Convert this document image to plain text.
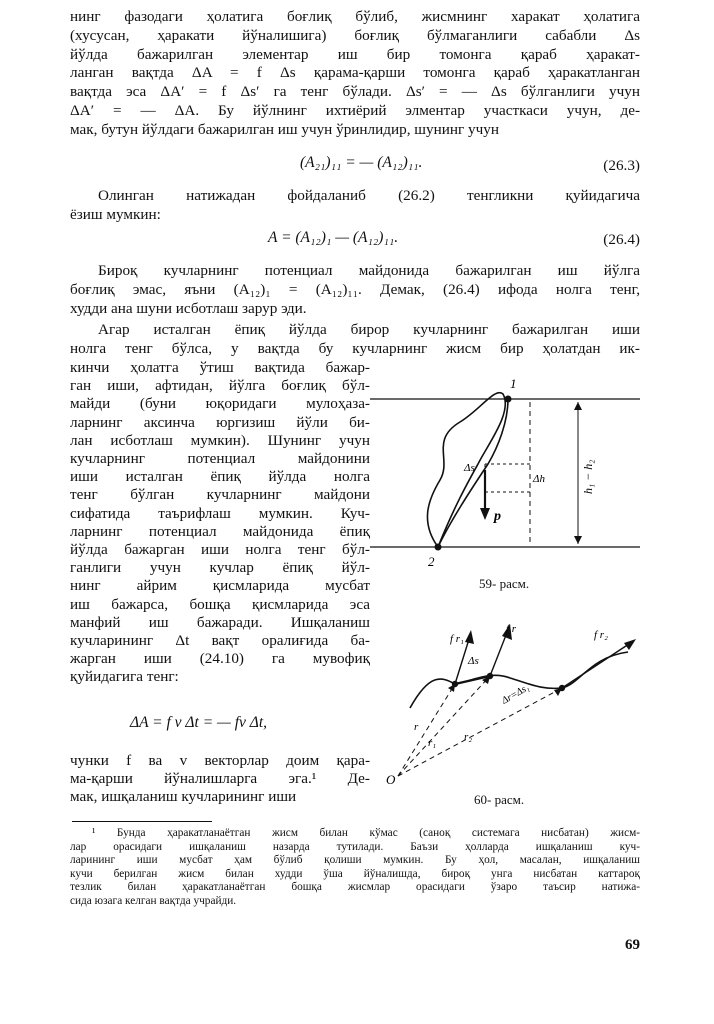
нинг фазодаги ҳолатига боғлиқ бўлиб, жисмнинг харакат ҳолатига
(хусусан, ҳаракати йўналишига) боғлиқ бўлмаганлиги сабабли Δs
йўлда бажарилган элементар иш бир томонга қараб ҳаракат-
ланган вақтда ΔA = f Δs қарама-қарши томонга қараб ҳаракатланган
вақтда эса ΔA′ = f Δs′ га тенг бўлади. Δs′ = — Δs бўлганлиги учун
ΔA′ = — ΔA. Бу йўлнинг ихтиёрий элментар участкаси учун, де-
мак, бутун йўлдаги бажарилган иш учун ўринлидир, шунинг учун
(A₂₁)₁₁ = — (A₁₂)₁₁.	(26.3)
Олинган натижадан фойдаланиб (26.2) тенгликни қуйидагича
ёзиш мумкин:
A = (A₁₂)₁ — (A₁₂)₁₁.	(26.4)
Бироқ кучларнинг потенциал майдонида бажарилган иш йўлга
боғлиқ эмас, яъни (A₁₂)₁ = (A₁₂)₁₁. Демак, (26.4) ифода нолга тенг,
худди ана шуни исботлаш зарур эди.
Агар исталган ёпиқ йўлда бирор кучларнинг бажарилган иши
нолга тенг бўлса, у вақтда бу кучларнинг жисм бир ҳолатдан ик-
кинчи ҳолатга ўтиш вақтида бажар-
ган иши, афтидан, йўлга боғлиқ бўл-
майди (буни юқоридаги мулоҳаза-
ларнинг аксинча юргизиш йўли би-
лан исботлаш мумкин). Шунинг учун
кучларнинг потенциал майдонини
иши исталган ёпиқ йўлда нолга
тенг бўлган кучларнинг майдони
сифатида таърифлаш мумкин. Куч-
ларнинг потенциал майдонида ёпиқ
йўлда бажарган иши нолга тенг бўл-
ганлиги учун кучлар ёпиқ йўл-
нинг айрим қисмларида мусбат
иш бажарса, бошқа қисмларида эса
манфий иш бажаради. Ишқаланиш
кучларининг Δt вақт оралиғида ба-
жарган иши (24.10) га мувофиқ
қуйидагига тенг:
ΔA = f v Δt = — fv Δt,
чунки f ва v векторлар доим қара-
ма-қарши йўналишларга эга.¹ Де-
мак, ишқаланиш кучларининг иши
1
2
Δs
Δh
p
h₁ − h₂
59- расм.
O
Δs
Δr=Δs₁
r
r₁	r₂
f r₁
f r	f r₂
60- расм.
¹ Бунда ҳаракатланаётган жисм билан кўмас (саноқ системага нисбатан) жисм-
лар орасидаги ишқаланиш назарда тутилади. Баъзи ҳолларда ишқаланиш куч-
ларининг иши мусбат ҳам бўлиб қолиши мумкин. Бу ҳол, масалан, ишқаланиш
кучи берилган жисм билан худди ўша йўналишда, бироқ унга нисбатан каттароқ
тезлик билан ҳаракатланаётган бошқа жисмлар орасидаги ўзаро таъсир натижа-
сида юзага келган вақтда учрайди.
69
